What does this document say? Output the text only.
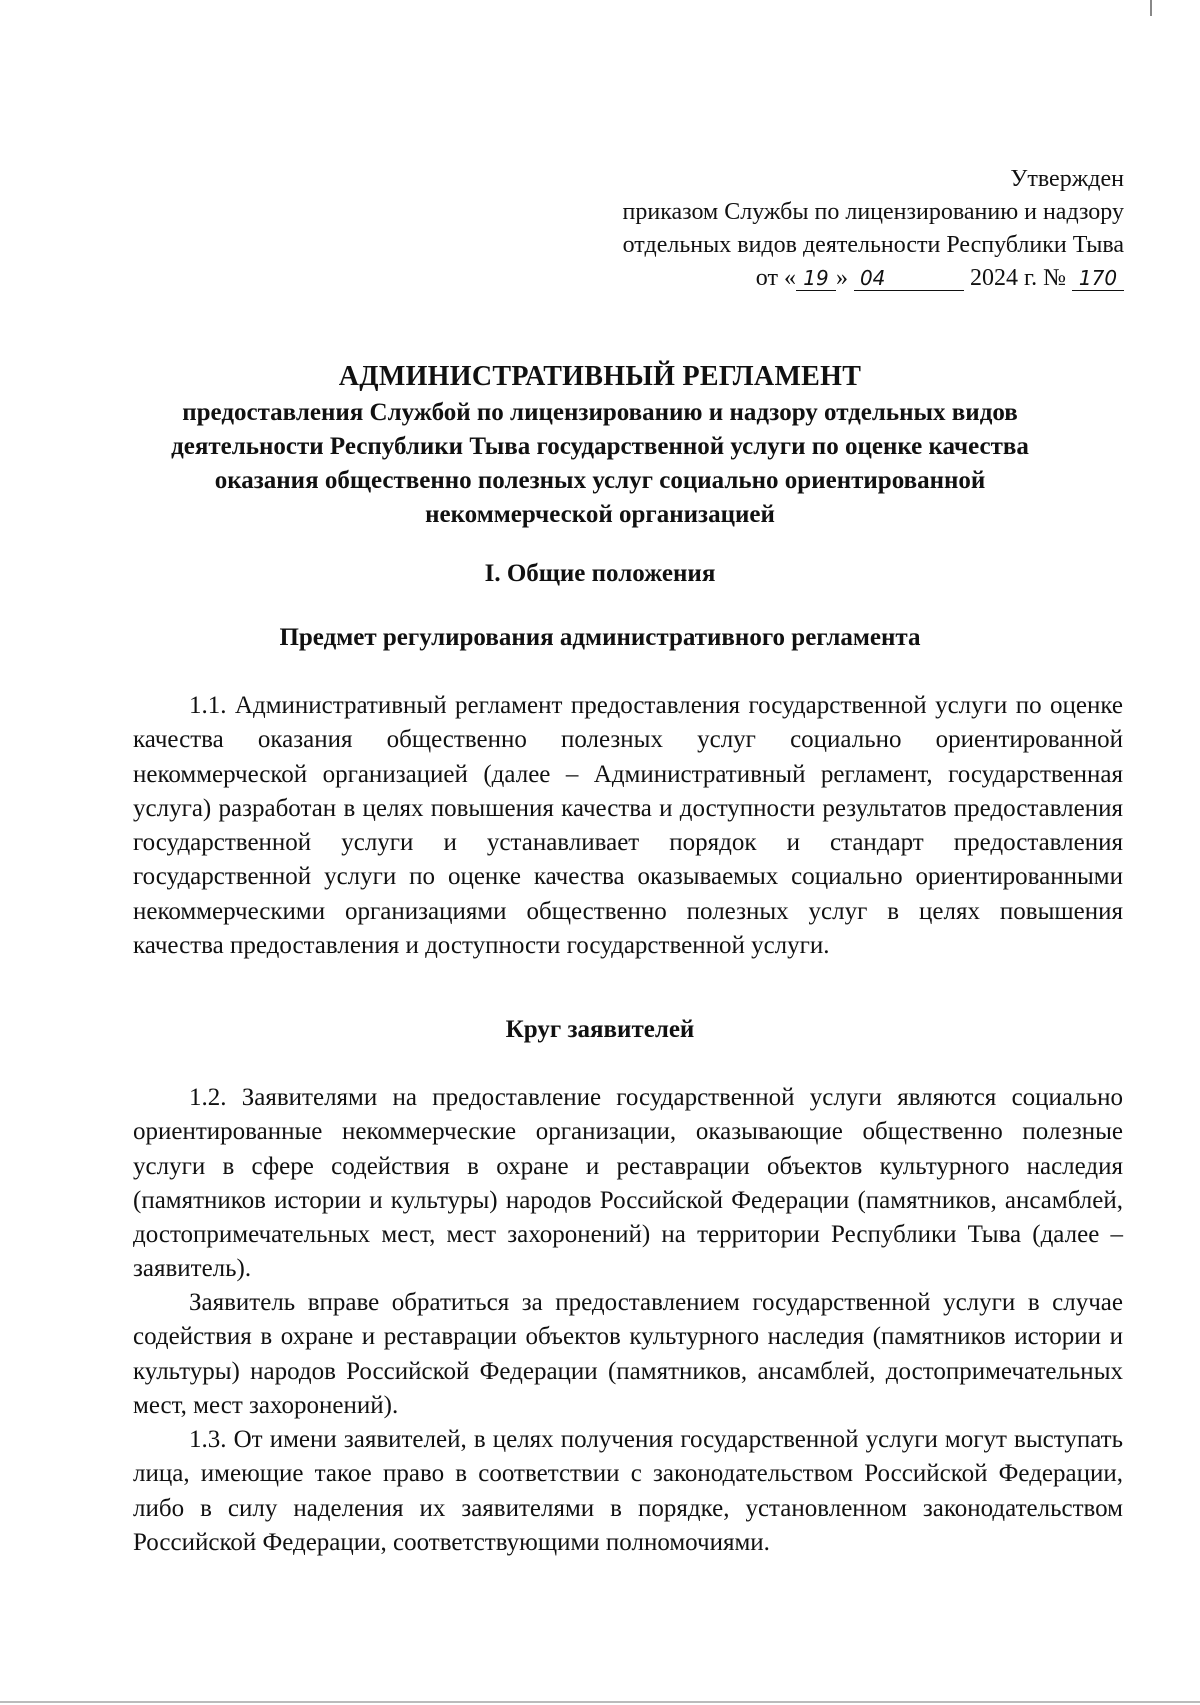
Утвержден
приказом Службы по лицензированию и надзору
отдельных видов деятельности Республики Тыва
от « 19 » 04	2024 г. № 170
АДМИНИСТРАТИВНЫЙ РЕГЛАМЕНТ
предоставления Службой по лицензированию и надзору отдельных видов деятельности Республики Тыва государственной услуги по оценке качества оказания общественно полезных услуг социально ориентированной некоммерческой организацией
I. Общие положения
Предмет регулирования административного регламента

1.1. Административный регламент предоставления государственной услуги по оценке качества оказания общественно полезных услуг социально ориентированной некоммерческой организацией (далее – Административный регламент, государственная услуга) разработан в целях повышения качества и доступности результатов предоставления государственной услуги и устанавливает порядок и стандарт предоставления государственной услуги по оценке качества оказываемых социально ориентированными некоммерческими организациями общественно полезных услуг в целях повышения качества предоставления и доступности государственной услуги.

Круг заявителей

1.2. Заявителями на предоставление государственной услуги являются социально ориентированные некоммерческие организации, оказывающие общественно полезные услуги в сфере содействия в охране и реставрации объектов культурного наследия (памятников истории и культуры) народов Российской Федерации (памятников, ансамблей, достопримечательных мест, мест захоронений) на территории Республики Тыва (далее – заявитель).

Заявитель вправе обратиться за предоставлением государственной услуги в случае содействия в охране и реставрации объектов культурного наследия (памятников истории и культуры) народов Российской Федерации (памятников, ансамблей, достопримечательных мест, мест захоронений).

1.3. От имени заявителей, в целях получения государственной услуги могут выступать лица, имеющие такое право в соответствии с законодательством Российской Федерации, либо в силу наделения их заявителями в порядке, установленном законодательством Российской Федерации, соответствующими полномочиями.
